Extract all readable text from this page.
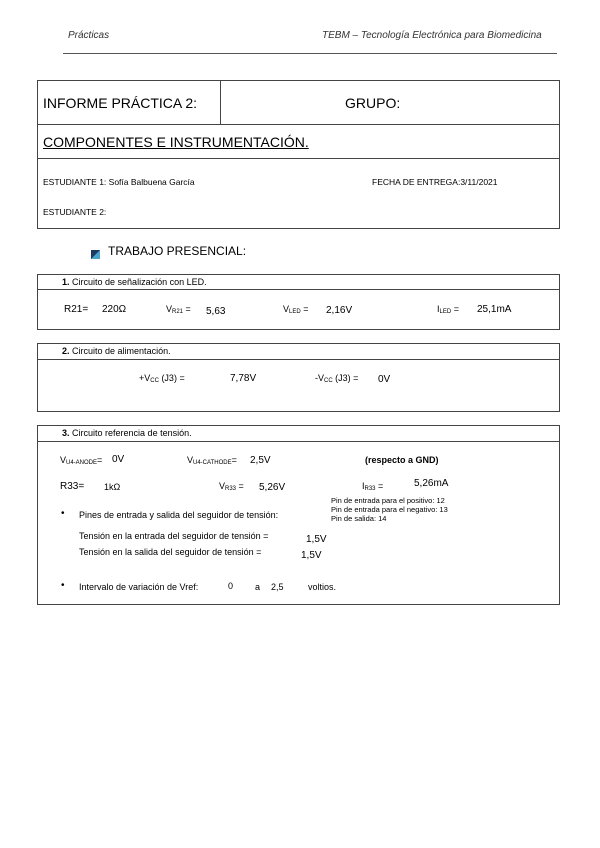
Prácticas	TEBM – Tecnología Electrónica para Biomedicina
INFORME PRÁCTICA 2:	GRUPO:
COMPONENTES E INSTRUMENTACIÓN.
ESTUDIANTE 1: Sofía Balbuena García	FECHA DE ENTREGA:3/11/2021
ESTUDIANTE 2:
TRABAJO PRESENCIAL:
1. Circuito de señalización con LED.
R21= 220Ω	$V_{R21} = 5,63$	$V_{LED} = 2,16V$	$I_{LED} = 25,1mA$
2. Circuito de alimentación.
$+V_{CC}$ (J3) =	7,78V	$-V_{CC}$ (J3) = 0V
3. Circuito referencia de tensión.
$V_{U4-ANODE}= 0V$	$V_{U4-CATHODE}= 2,5V$	(respecto a GND)
R33= 1kΩ	$V_{R33} = 5,26V$	$I_{R33}$ =	5,26mA
Pin de entrada para el positivo: 12
Pin de entrada para el negativo: 13
Pin de salida: 14
• Pines de entrada y salida del seguidor de tensión:
Tensión en la entrada del seguidor de tensión =	1,5V
Tensión en la salida del seguidor de tensión =	1,5V
• Intervalo de variación de Vref:	0 a 2,5	voltios.
